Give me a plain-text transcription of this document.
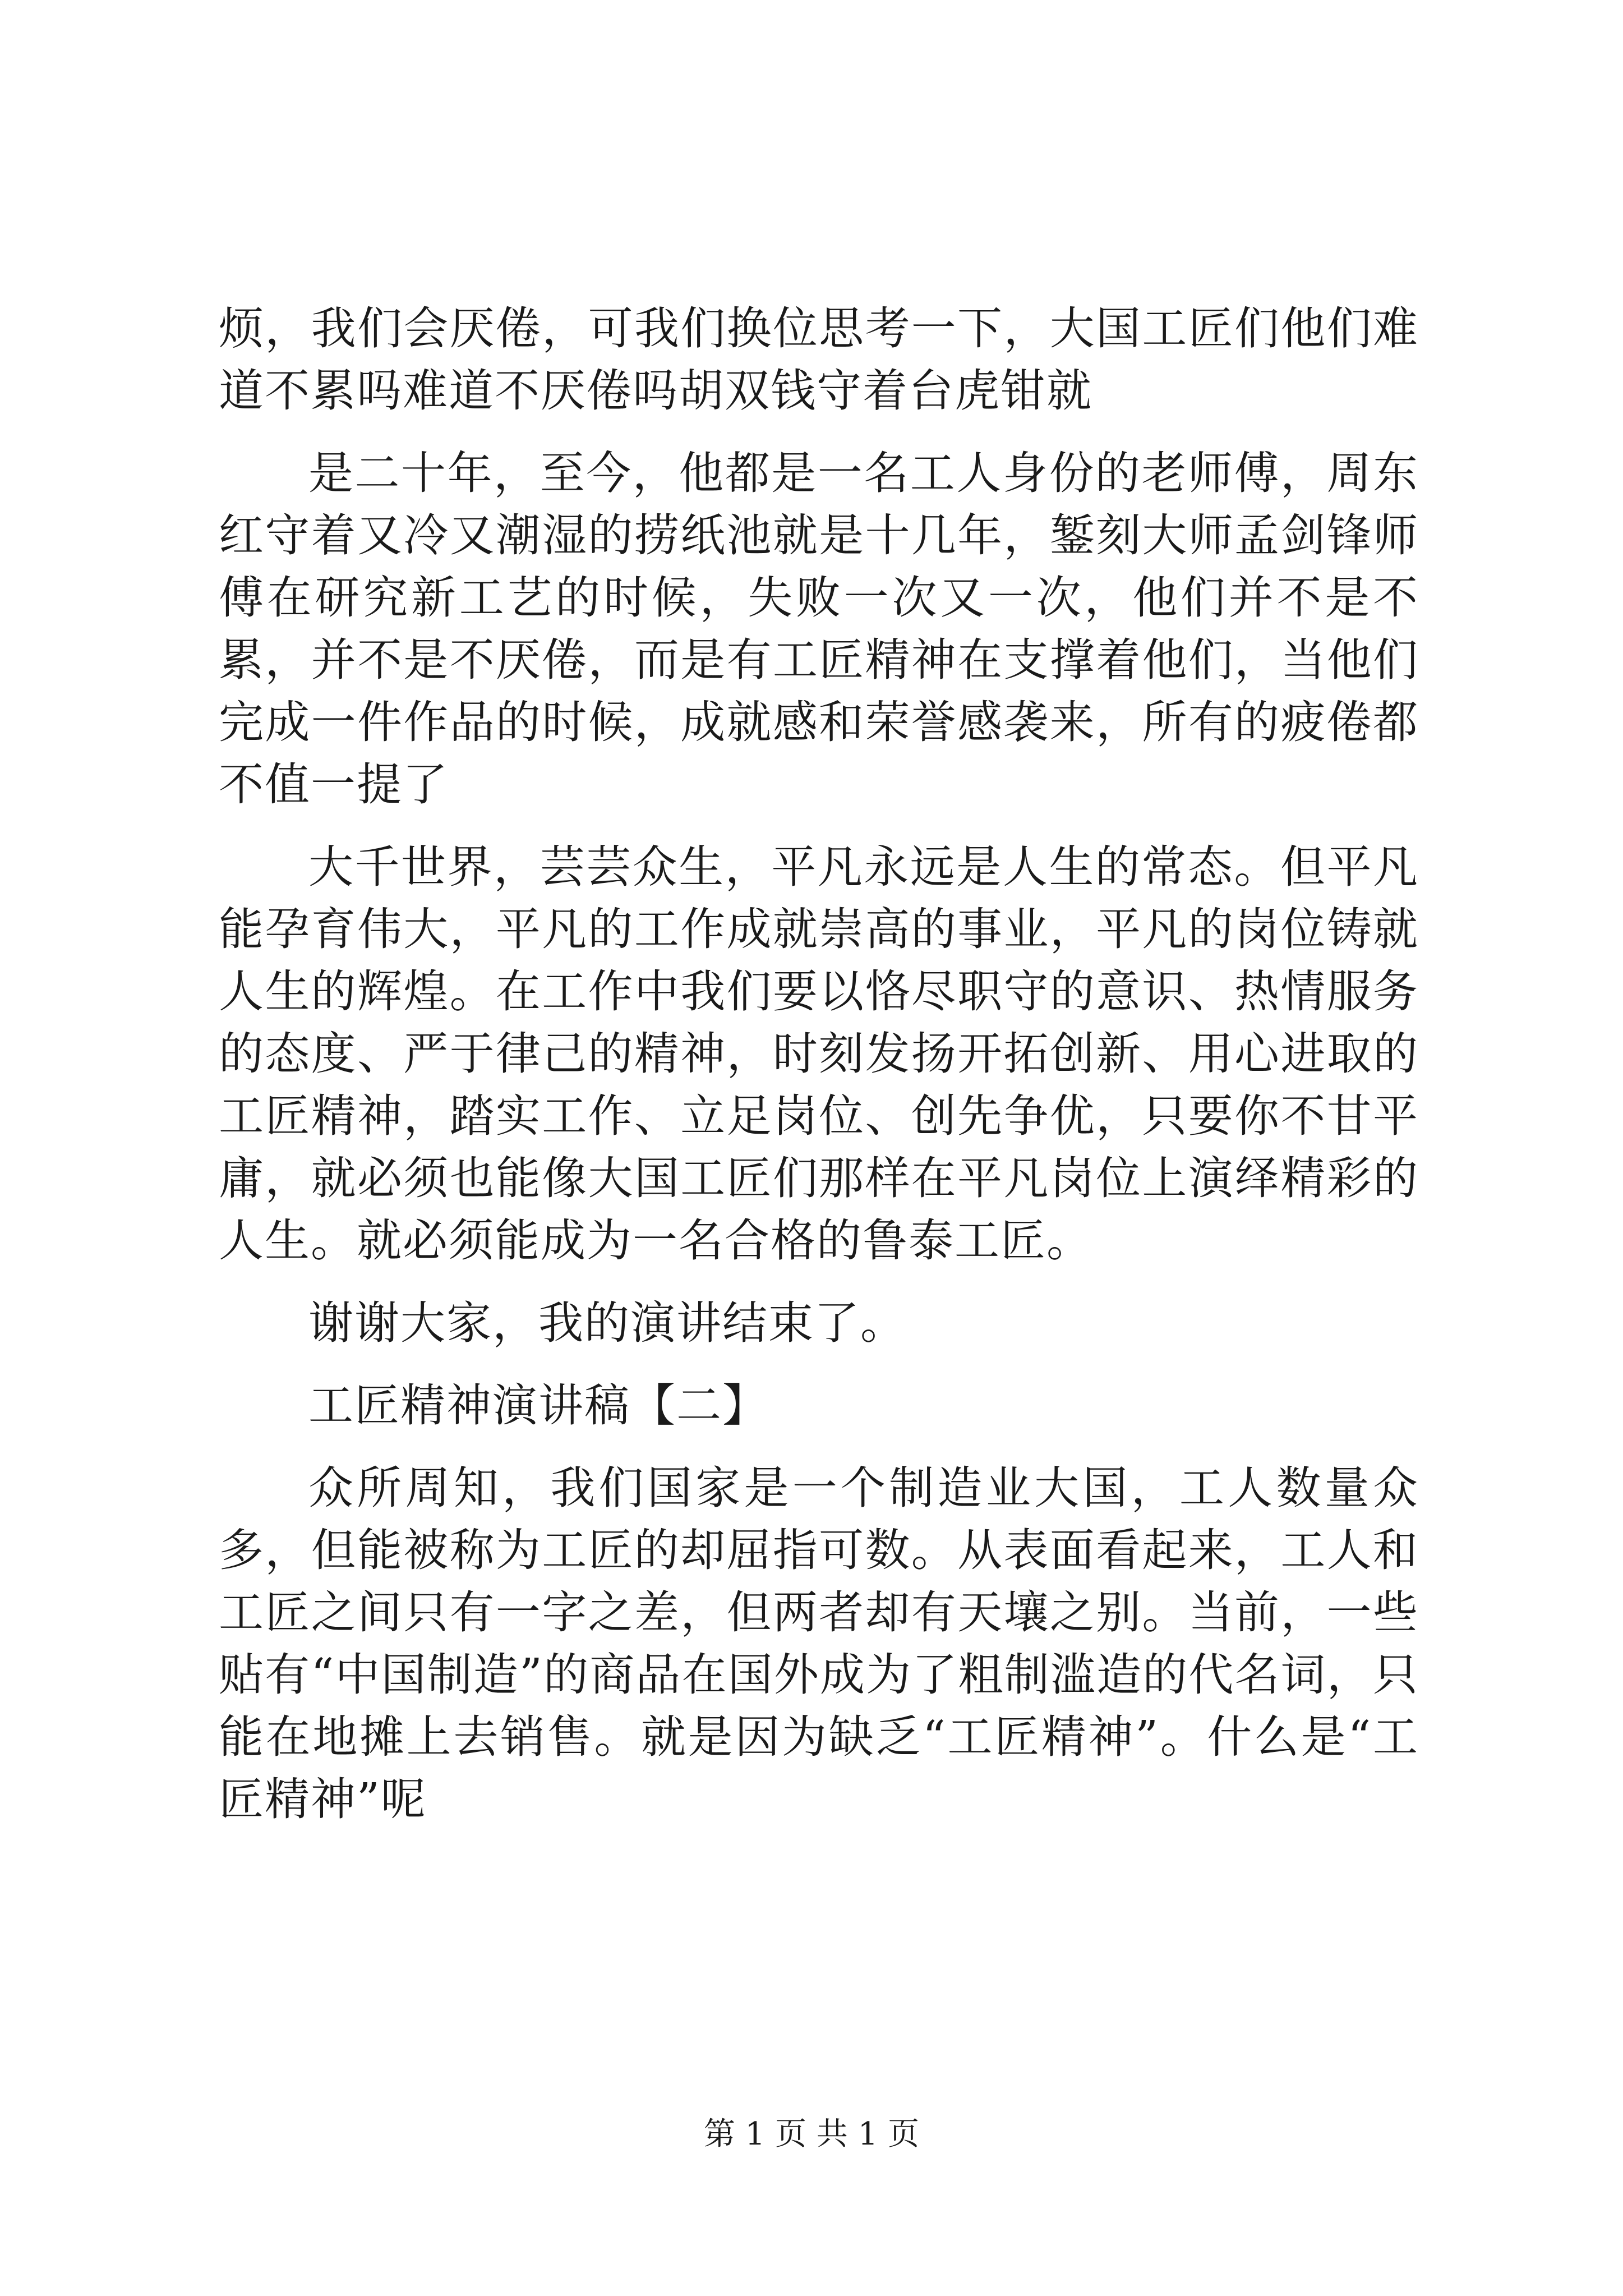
烦，我们会厌倦，可我们换位思考一下，大国工匠们他们难道不累吗难道不厌倦吗胡双钱守着台虎钳就

是二十年，至今，他都是一名工人身份的老师傅，周东红守着又冷又潮湿的捞纸池就是十几年，錾刻大师孟剑锋师傅在研究新工艺的时候，失败一次又一次，他们并不是不累，并不是不厌倦，而是有工匠精神在支撑着他们，当他们完成一件作品的时候，成就感和荣誉感袭来，所有的疲倦都不值一提了

大千世界，芸芸众生，平凡永远是人生的常态。但平凡能孕育伟大，平凡的工作成就崇高的事业，平凡的岗位铸就人生的辉煌。在工作中我们要以恪尽职守的意识、热情服务的态度、严于律己的精神，时刻发扬开拓创新、用心进取的工匠精神，踏实工作、立足岗位、创先争优，只要你不甘平庸，就必须也能像大国工匠们那样在平凡岗位上演绎精彩的人生。就必须能成为一名合格的鲁泰工匠。

谢谢大家，我的演讲结束了。

工匠精神演讲稿【二】

众所周知，我们国家是一个制造业大国，工人数量众多，但能被称为工匠的却屈指可数。从表面看起来，工人和工匠之间只有一字之差，但两者却有天壤之别。当前，一些贴有“中国制造”的商品在国外成为了粗制滥造的代名词，只能在地摊上去销售。就是因为缺乏“工匠精神”。什么是“工匠精神”呢

第 1 页 共 1 页
